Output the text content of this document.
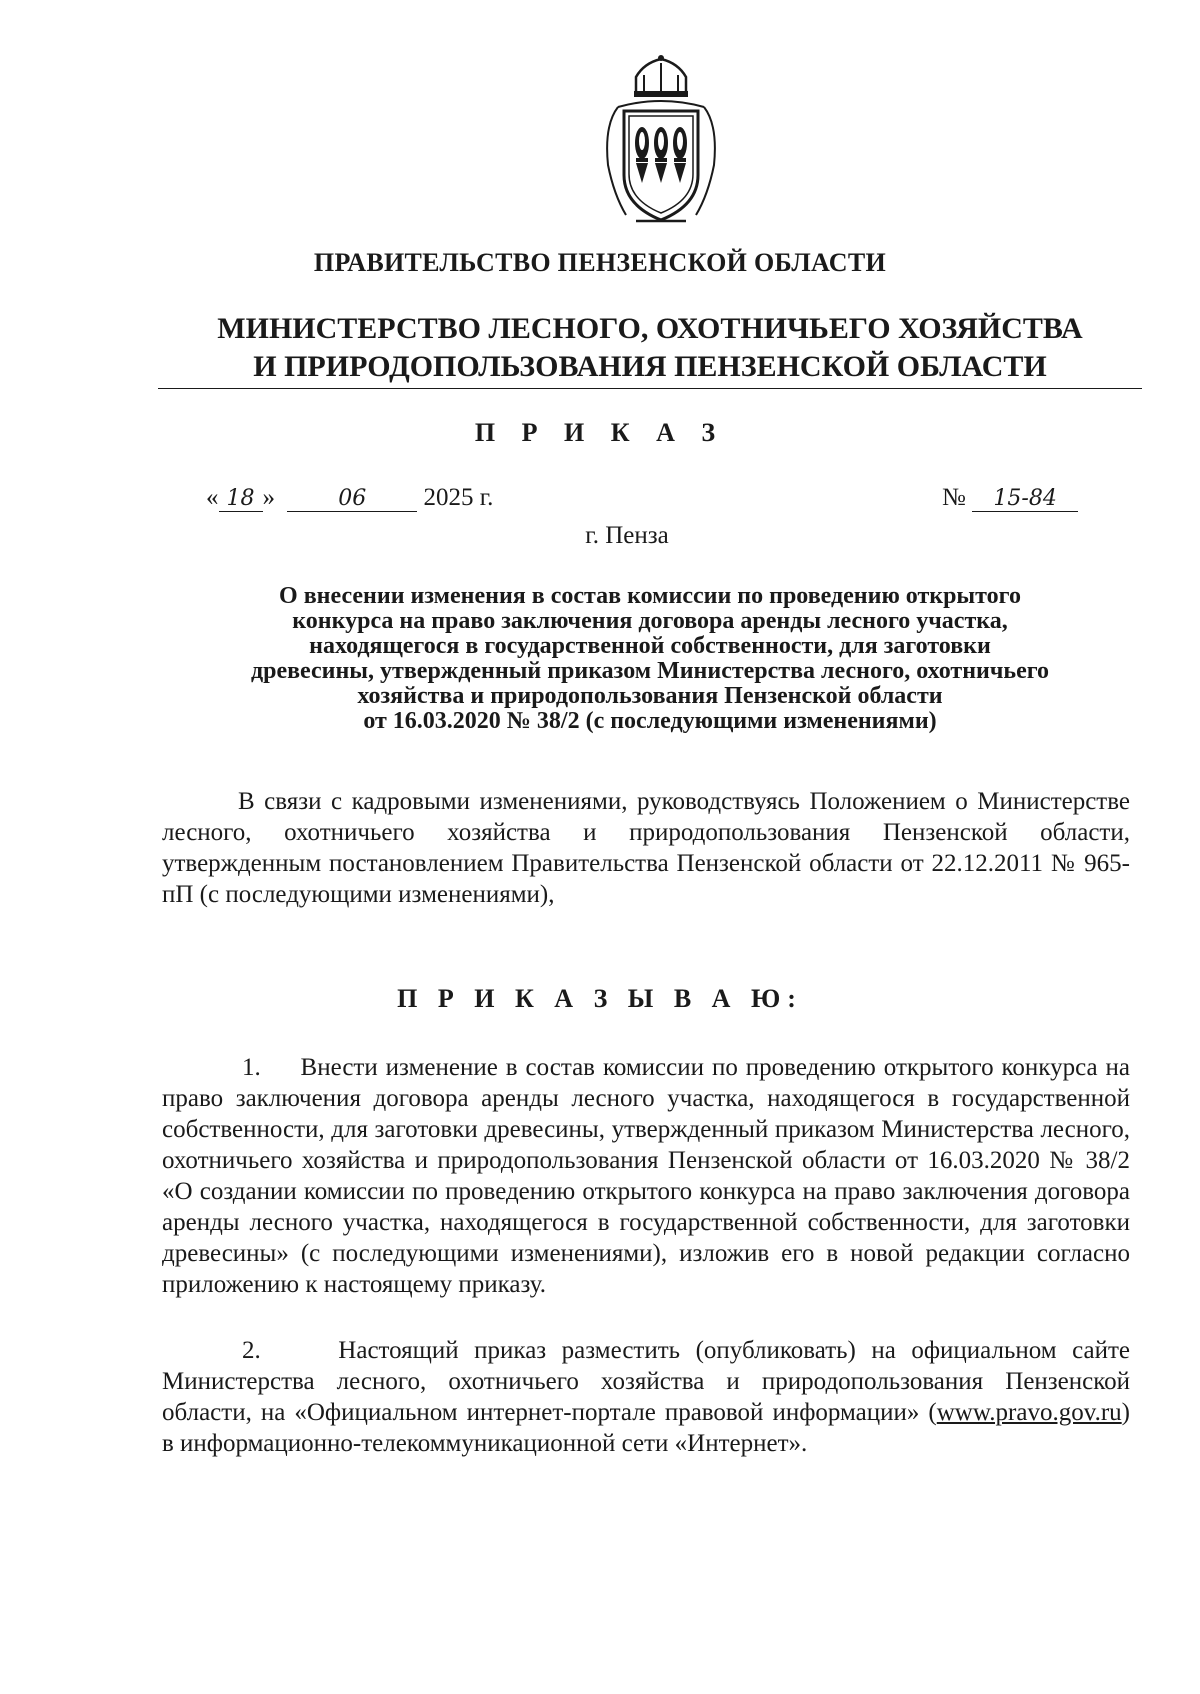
ПРАВИТЕЛЬСТВО ПЕНЗЕНСКОЙ ОБЛАСТИ
МИНИСТЕРСТВО ЛЕСНОГО, ОХОТНИЧЬЕГО ХОЗЯЙСТВА
И ПРИРОДОПОЛЬЗОВАНИЯ ПЕНЗЕНСКОЙ ОБЛАСТИ
П Р И К А З
« 18 »	06 2025 г.	№ 15-84
г. Пенза
О внесении изменения в состав комиссии по проведению открытого
конкурса на право заключения договора аренды лесного участка,
находящегося в государственной собственности, для заготовки
древесины, утвержденный приказом Министерства лесного, охотничьего
хозяйства и природопользования Пензенской области
от 16.03.2020 № 38/2 (с последующими изменениями)
В связи с кадровыми изменениями, руководствуясь Положением о Министерстве лесного, охотничьего хозяйства и природопользования Пензенской области, утвержденным постановлением Правительства Пензенской области от 22.12.2011 № 965-пП (с последующими изменениями),
П Р И К А З Ы В А Ю:
1. Внести изменение в состав комиссии по проведению открытого конкурса на право заключения договора аренды лесного участка, находящегося в государственной собственности, для заготовки древесины, утвержденный приказом Министерства лесного, охотничьего хозяйства и природопользования Пензенской области от 16.03.2020 № 38/2 «О создании комиссии по проведению открытого конкурса на право заключения договора аренды лесного участка, находящегося в государственной собственности, для заготовки древесины» (с последующими изменениями), изложив его в новой редакции согласно приложению к настоящему приказу.
2.	Настоящий приказ разместить (опубликовать) на официальном сайте Министерства лесного, охотничьего хозяйства и природопользования Пензенской области, на «Официальном интернет-портале правовой информации» (www.pravo.gov.ru) в информационно-телекоммуникационной сети «Интернет».
